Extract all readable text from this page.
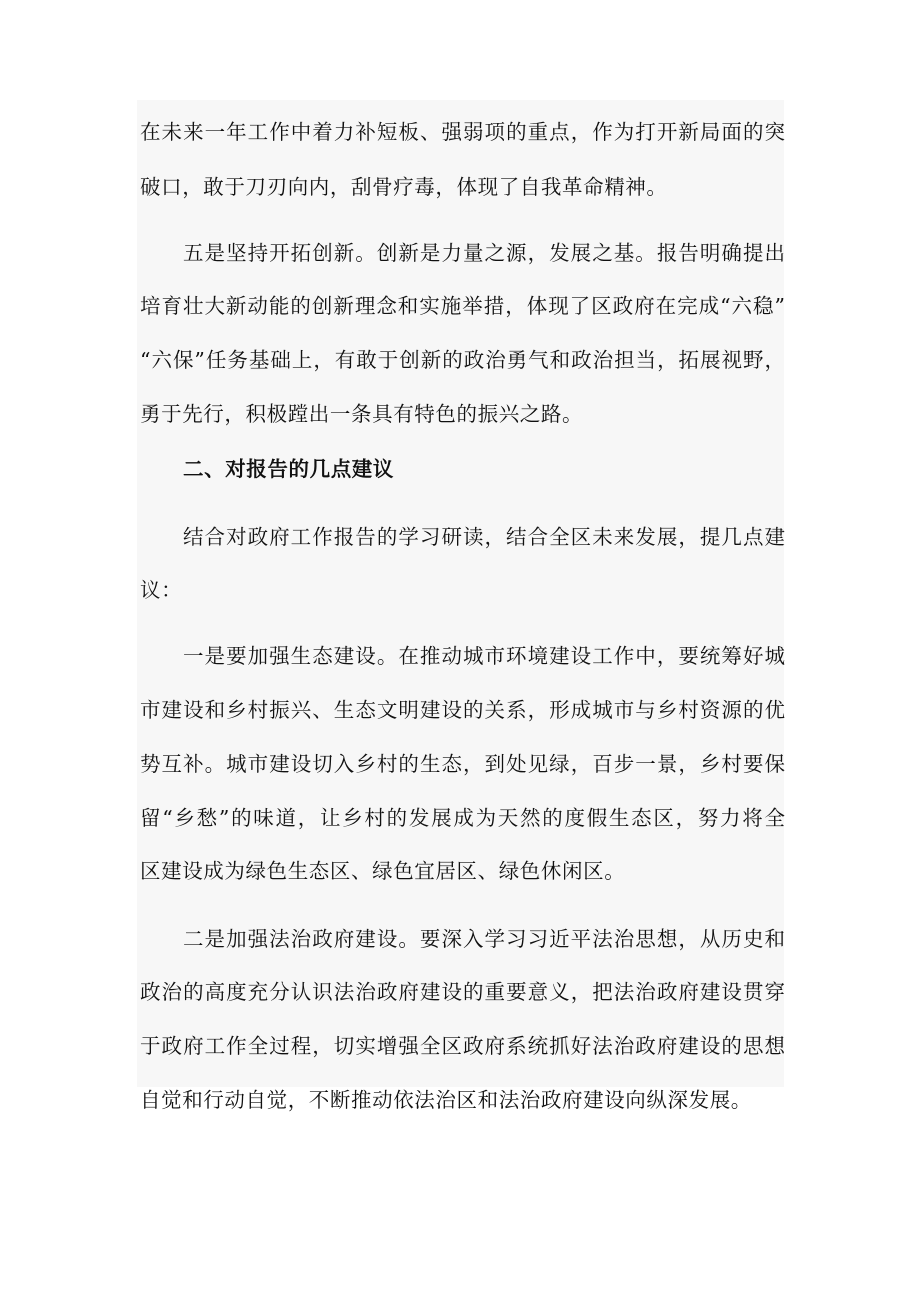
在未来一年工作中着力补短板、强弱项的重点，作为打开新局面的突
破口，敢于刀刃向内，刮骨疗毒，体现了自我革命精神。
五是坚持开拓创新。创新是力量之源，发展之基。报告明确提出
培育壮大新动能的创新理念和实施举措，体现了区政府在完成“六稳”
“六保”任务基础上，有敢于创新的政治勇气和政治担当，拓展视野，
勇于先行，积极蹚出一条具有特色的振兴之路。
二、对报告的几点建议
结合对政府工作报告的学习研读，结合全区未来发展，提几点建
议：
一是要加强生态建设。在推动城市环境建设工作中，要统筹好城
市建设和乡村振兴、生态文明建设的关系，形成城市与乡村资源的优
势互补。城市建设切入乡村的生态，到处见绿，百步一景，乡村要保
留“乡愁”的味道，让乡村的发展成为天然的度假生态区，努力将全
区建设成为绿色生态区、绿色宜居区、绿色休闲区。
二是加强法治政府建设。要深入学习习近平法治思想，从历史和
政治的高度充分认识法治政府建设的重要意义，把法治政府建设贯穿
于政府工作全过程，切实增强全区政府系统抓好法治政府建设的思想
自觉和行动自觉，不断推动依法治区和法治政府建设向纵深发展。
